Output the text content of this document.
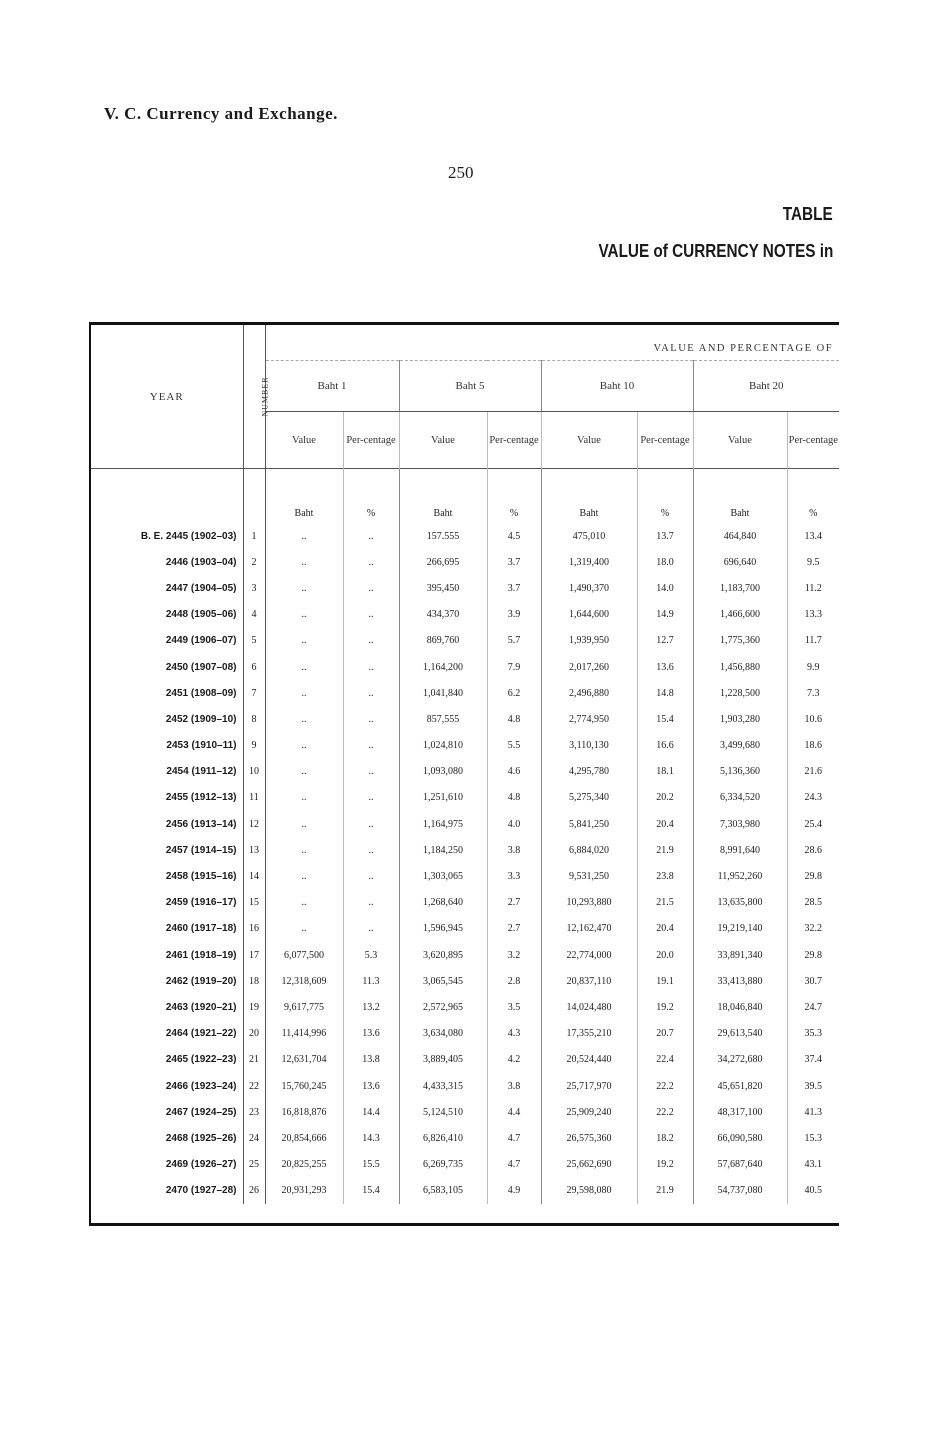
V. C. Currency and Exchange.
250
TABLE
VALUE of CURRENCY NOTES in
YEAR	NUMBER	VALUE AND PERCENTAGE OF							
		Baht 1		Baht 5		Baht 10		Baht 20	
		Value	Per-centage	Value	Per-centage	Value	Per-centage	Value	Per-centage
		Baht	%	Baht	%	Baht	%	Baht	%
B. E. 2445 (1902–03)	1	..	..	157.555	4.5	475,010	13.7	464,840	13.4
2446 (1903–04)	2	..	..	266,695	3.7	1,319,400	18.0	696,640	9.5
2447 (1904–05)	3	..	..	395,450	3.7	1,490,370	14.0	1,183,700	11.2
2448 (1905–06)	4	..	..	434,370	3.9	1,644,600	14.9	1,466,600	13.3
2449 (1906–07)	5	..	..	869,760	5.7	1,939,950	12.7	1,775,360	11.7
2450 (1907–08)	6	..	..	1,164,200	7.9	2,017,260	13.6	1,456,880	9.9
2451 (1908–09)	7	..	..	1,041,840	6.2	2,496,880	14.8	1,228,500	7.3
2452 (1909–10)	8	..	..	857,555	4.8	2,774,950	15.4	1,903,280	10.6
2453 (1910–11)	9	..	..	1,024,810	5.5	3,110,130	16.6	3,499,680	18.6
2454 (1911–12)	10	..	..	1,093,080	4.6	4,295,780	18.1	5,136,360	21.6
2455 (1912–13)	11	..	..	1,251,610	4.8	5,275,340	20.2	6,334,520	24.3
2456 (1913–14)	12	..	..	1,164,975	4.0	5,841,250	20.4	7,303,980	25.4
2457 (1914–15)	13	..	..	1,184,250	3.8	6,884,020	21.9	8,991,640	28.6
2458 (1915–16)	14	..	..	1,303,065	3.3	9,531,250	23.8	11,952,260	29.8
2459 (1916–17)	15	..	..	1,268,640	2.7	10,293,880	21.5	13,635,800	28.5
2460 (1917–18)	16	..	..	1,596,945	2.7	12,162,470	20.4	19,219,140	32.2
2461 (1918–19)	17	6,077,500	5.3	3,620,895	3.2	22,774,000	20.0	33,891,340	29.8
2462 (1919–20)	18	12,318,609	11.3	3,065,545	2.8	20,837,110	19.1	33,413,880	30.7
2463 (1920–21)	19	9,617,775	13.2	2,572,965	3.5	14,024,480	19.2	18,046,840	24.7
2464 (1921–22)	20	11,414,996	13.6	3,634,080	4.3	17,355,210	20.7	29,613,540	35.3
2465 (1922–23)	21	12,631,704	13.8	3,889,405	4.2	20,524,440	22.4	34,272,680	37.4
2466 (1923–24)	22	15,760,245	13.6	4,433,315	3.8	25,717,970	22.2	45,651,820	39.5
2467 (1924–25)	23	16,818,876	14.4	5,124,510	4.4	25,909,240	22.2	48,317,100	41.3
2468 (1925–26)	24	20,854,666	14.3	6,826,410	4.7	26,575,360	18.2	66,090,580	15.3
2469 (1926–27)	25	20,825,255	15.5	6,269,735	4.7	25,662,690	19.2	57,687,640	43.1
2470 (1927–28)	26	20,931,293	15.4	6,583,105	4.9	29,598,080	21.9	54,737,080	40.5
